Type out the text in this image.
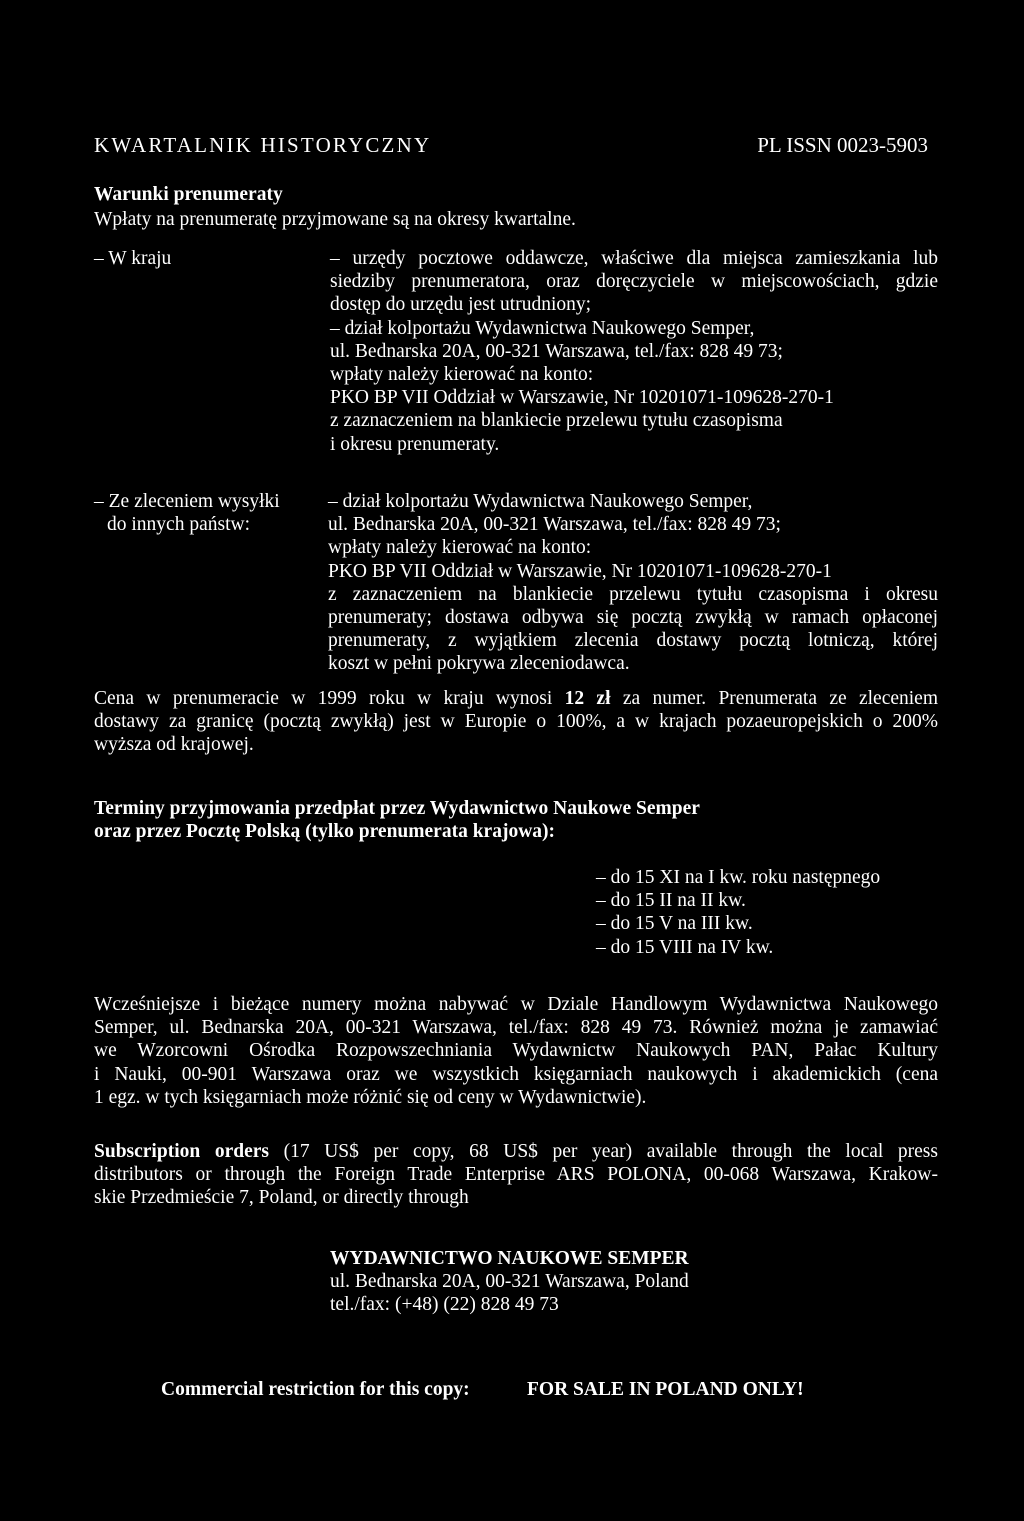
KWARTALNIK HISTORYCZNY	PL ISSN 0023-5903
Warunki prenumeraty
Wpłaty na prenumeratę przyjmowane są na okresy kwartalne.
– W kraju	– urzędy pocztowe oddawcze, właściwe dla miejsca zamieszkania lub
siedziby prenumeratora, oraz doręczyciele w miejscowościach, gdzie
dostęp do urzędu jest utrudniony;
– dział kolportażu Wydawnictwa Naukowego Semper,
ul. Bednarska 20A, 00-321 Warszawa, tel./fax: 828 49 73;
wpłaty należy kierować na konto:
PKO BP VII Oddział w Warszawie, Nr 10201071-109628-270-1
z zaznaczeniem na blankiecie przelewu tytułu czasopisma
i okresu prenumeraty.
– Ze zleceniem wysyłki
do innych państw:
– dział kolportażu Wydawnictwa Naukowego Semper,
ul. Bednarska 20A, 00-321 Warszawa, tel./fax: 828 49 73;
wpłaty należy kierować na konto:
PKO BP VII Oddział w Warszawie, Nr 10201071-109628-270-1
z zaznaczeniem na blankiecie przelewu tytułu czasopisma i okresu
prenumeraty; dostawa odbywa się pocztą zwykłą w ramach opłaconej
prenumeraty, z wyjątkiem zlecenia dostawy pocztą lotniczą, której
koszt w pełni pokrywa zleceniodawca.
Cena w prenumeracie w 1999 roku w kraju wynosi 12 zł za numer. Prenumerata ze zleceniem
dostawy za granicę (pocztą zwykłą) jest w Europie o 100%, a w krajach pozaeuropejskich o 200%
wyższa od krajowej.
Terminy przyjmowania przedpłat przez Wydawnictwo Naukowe Semper
oraz przez Pocztę Polską (tylko prenumerata krajowa):
– do 15 XI na I kw. roku następnego
– do 15 II na II kw.
– do 15 V na III kw.
– do 15 VIII na IV kw.
Wcześniejsze i bieżące numery można nabywać w Dziale Handlowym Wydawnictwa Naukowego
Semper, ul. Bednarska 20A, 00-321 Warszawa, tel./fax: 828 49 73. Również można je zamawiać
we Wzorcowni Ośrodka Rozpowszechniania Wydawnictw Naukowych PAN, Pałac Kultury
i Nauki, 00-901 Warszawa oraz we wszystkich księgarniach naukowych i akademickich (cena
1 egz. w tych księgarniach może różnić się od ceny w Wydawnictwie).
Subscription orders (17 US$ per copy, 68 US$ per year) available through the local press
distributors or through the Foreign Trade Enterprise ARS POLONA, 00-068 Warszawa, Krakow-
skie Przedmieście 7, Poland, or directly through
WYDAWNICTWO NAUKOWE SEMPER
ul. Bednarska 20A, 00-321 Warszawa, Poland
tel./fax: (+48) (22) 828 49 73
Commercial restriction for this copy:	FOR SALE IN POLAND ONLY!
